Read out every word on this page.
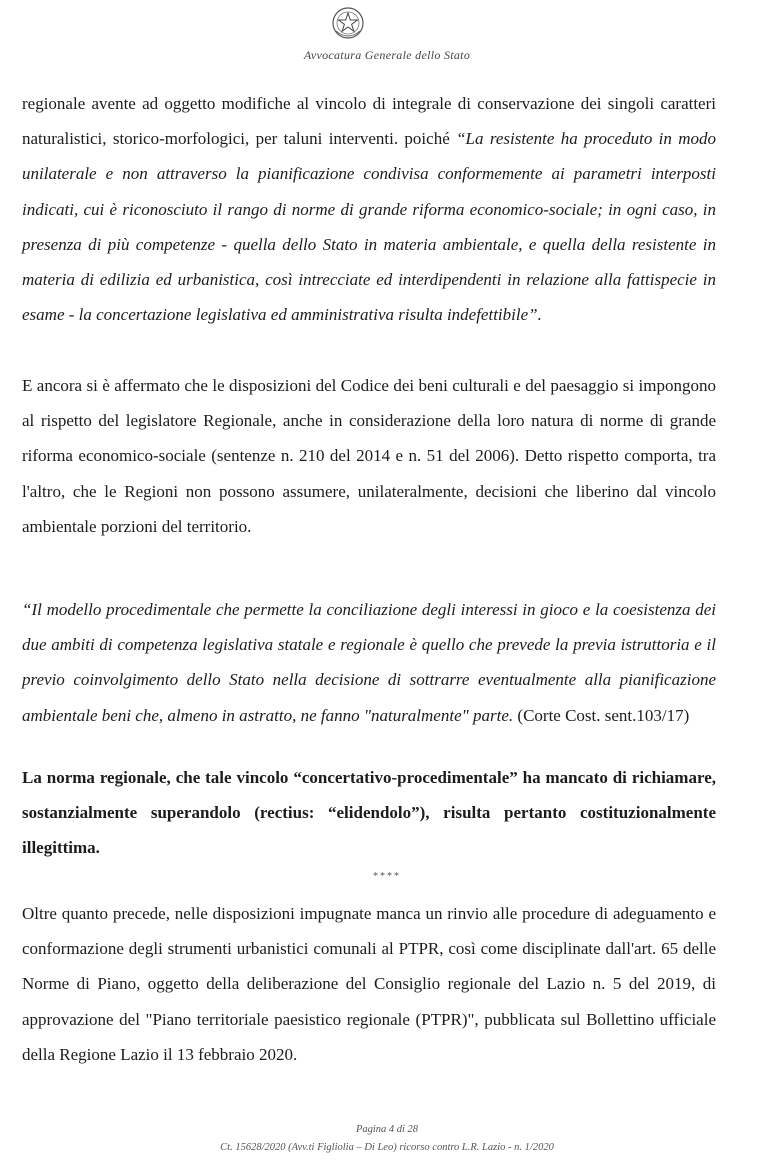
Avvocatura Generale dello Stato

regionale avente ad oggetto modifiche al vincolo di integrale di conservazione dei singoli caratteri naturalistici, storico-morfologici, per taluni interventi. poiché “La resistente ha proceduto in modo unilaterale e non attraverso la pianificazione condivisa conformemente ai parametri interposti indicati, cui è riconosciuto il rango di norme di grande riforma economico-sociale; in ogni caso, in presenza di più competenze - quella dello Stato in materia ambientale, e quella della resistente in materia di edilizia ed urbanistica, così intrecciate ed interdipendenti in relazione alla fattispecie in esame - la concertazione legislativa ed amministrativa risulta indefettibile”.

E ancora si è affermato che le disposizioni del Codice dei beni culturali e del paesaggio si impongono al rispetto del legislatore Regionale, anche in considerazione della loro natura di norme di grande riforma economico-sociale (sentenze n. 210 del 2014 e n. 51 del 2006). Detto rispetto comporta, tra l'altro, che le Regioni non possono assumere, unilateralmente, decisioni che liberino dal vincolo ambientale porzioni del territorio.

“Il modello procedimentale che permette la conciliazione degli interessi in gioco e la coesistenza dei due ambiti di competenza legislativa statale e regionale è quello che prevede la previa istruttoria e il previo coinvolgimento dello Stato nella decisione di sottrarre eventualmente alla pianificazione ambientale beni che, almeno in astratto, ne fanno "naturalmente" parte. (Corte Cost. sent.103/17)

La norma regionale, che tale vincolo “concertativo-procedimentale” ha mancato di richiamare, sostanzialmente superandolo (rectius: “elidendolo”), risulta pertanto costituzionalmente illegittima.

****

Oltre quanto precede, nelle disposizioni impugnate manca un rinvio alle procedure di adeguamento e conformazione degli strumenti urbanistici comunali al PTPR, così come disciplinate dall'art. 65 delle Norme di Piano, oggetto della deliberazione del Consiglio regionale del Lazio n. 5 del 2019, di approvazione del "Piano territoriale paesistico regionale (PTPR)", pubblicata sul Bollettino ufficiale della Regione Lazio il 13 febbraio 2020.

Pagina 4 di 28
Ct. 15628/2020 (Avv.ti Figliolia – Di Leo) ricorso contro L.R. Lazio - n. 1/2020
